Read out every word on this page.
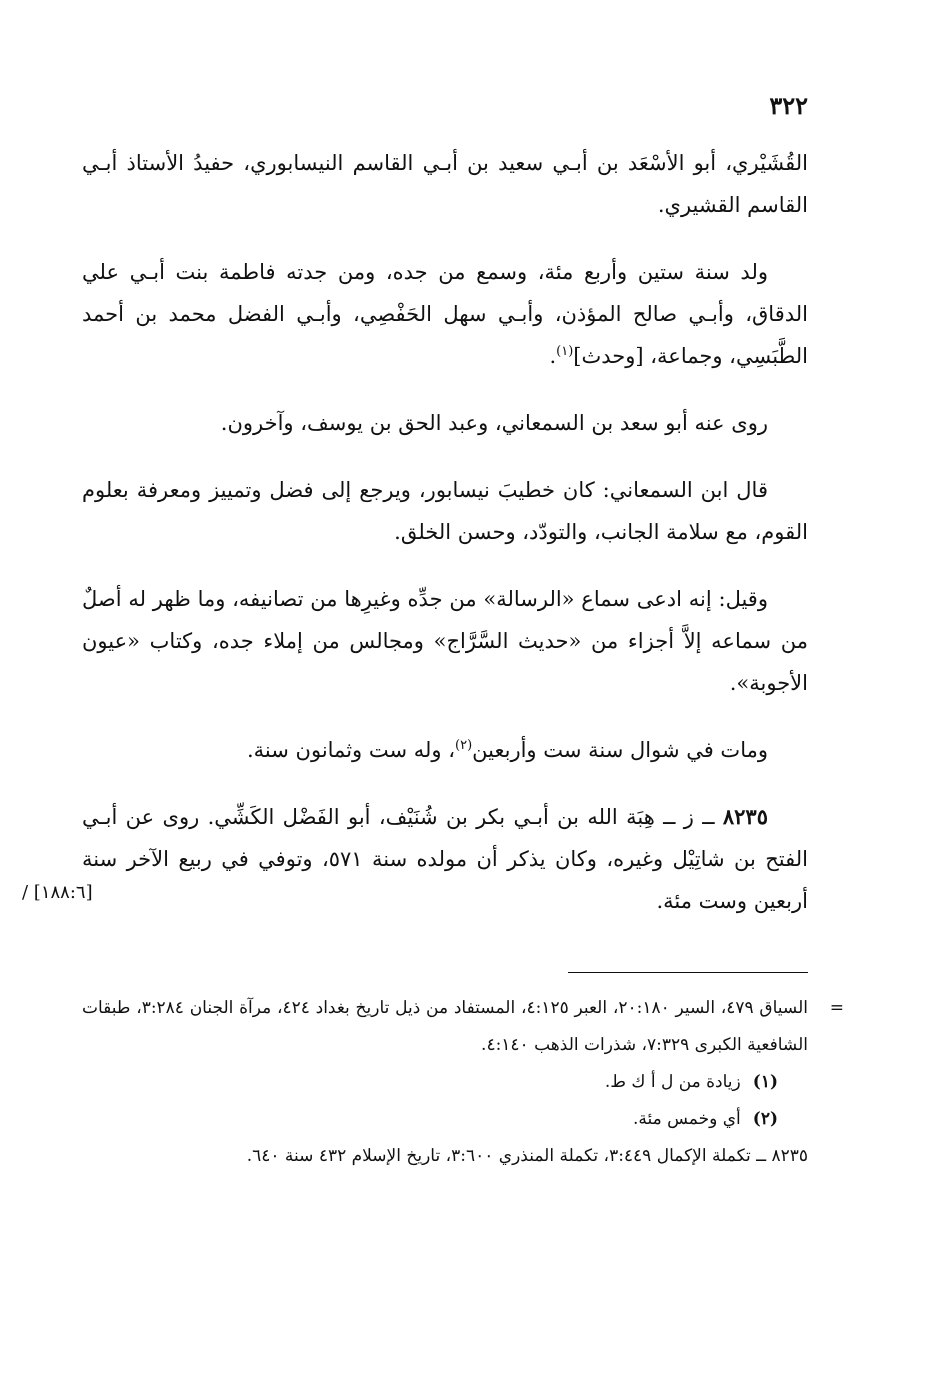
٣٢٢

القُشَيْري، أبو الأسْعَد بن أبـي سعيد بن أبـي القاسم النيسابوري، حفيدُ الأستاذ أبـي القاسم القشيري.

ولد سنة ستين وأربع مئة، وسمع من جده، ومن جدته فاطمة بنت أبـي علي الدقاق، وأبـي صالح المؤذن، وأبـي سهل الحَفْصِي، وأبـي الفضل محمد بن أحمد الطَّبَسِي، وجماعة، [وحدث]$^{(١)}$.

روى عنه أبو سعد بن السمعاني، وعبد الحق بن يوسف، وآخرون.

قال ابن السمعاني: كان خطيبَ نيسابور، ويرجع إلى فضل وتمييز ومعرفة بعلوم القوم، مع سلامة الجانب، والتودّد، وحسن الخلق.

وقيل: إنه ادعى سماع «الرسالة» من جدِّه وغيرِها من تصانيفه، وما ظهر له أصلٌ من سماعه إلاَّ أجزاء من «حديث السَّرَّاج» ومجالس من إملاء جده، وكتاب «عيون الأجوبة».

ومات في شوال سنة ست وأربعين$^{(٢)}$، وله ست وثمانون سنة.

٨٢٣٥ ــ ز ــ هِبَة الله بن أبـي بكر بن شُنَيْف، أبو الفَضْل الكَشِّي. روى عن أبـي الفتح بن شاتِيْل وغيره، وكان يذكر أن مولده سنة ٥٧١، وتوفي في ربيع الآخر سنة أربعين وست مئة.
[١٨٨:٦] /

=

السياق ٤٧٩، السير ٢٠:١٨٠، العبر ٤:١٢٥، المستفاد من ذيل تاريخ بغداد ٤٢٤، مرآة الجنان ٣:٢٨٤، طبقات الشافعية الكبرى ٧:٣٢٩، شذرات الذهب ٤:١٤٠.

(١)زيادة من ل أ ك ط.

(٢)أي وخمس مئة.

٨٢٣٥ ــ تكملة الإكمال ٣:٤٤٩، تكملة المنذري ٣:٦٠٠، تاريخ الإسلام ٤٣٢ سنة ٦٤٠.
